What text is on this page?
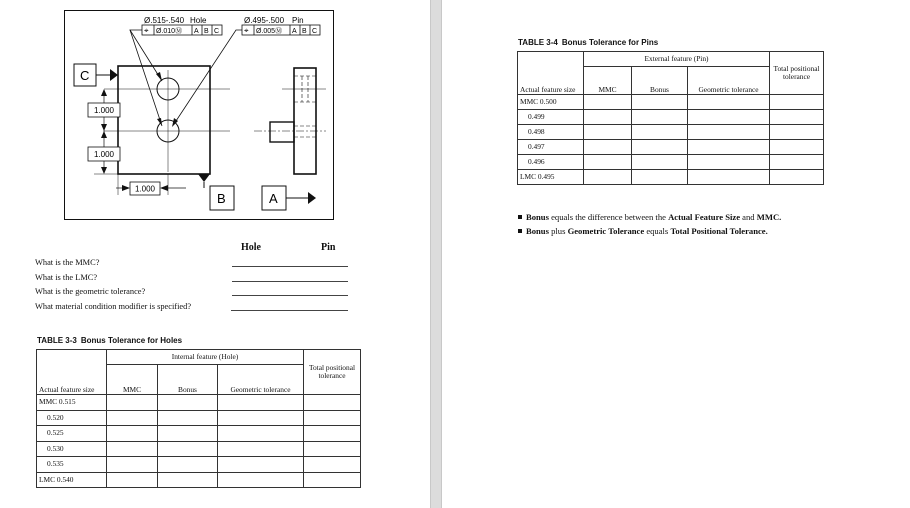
Ø.515-.540 Hole
⌖ Ø.010Ⓜ A B C
Ø.495-.500 Pin
⌖ Ø.005Ⓜ A B C
C
1.000
1.000
1.000
B	A
Hole	Pin
What is the MMC?
What is the LMC?
What is the geometric tolerance?
What material condition modifier is specified?
TABLE 3-3 Bonus Tolerance for Holes
Actual feature size	Internal feature (Hole)			Total positional tolerance
	MMC	Bonus	Geometric tolerance	
MMC 0.515				
0.520				
0.525				
0.530				
0.535				
LMC 0.540				
TABLE 3-4 Bonus Tolerance for Pins
Actual feature size	External feature (Pin)			Total positional tolerance
	MMC	Bonus	Geometric tolerance	
MMC 0.500				
0.499				
0.498				
0.497				
0.496				
LMC 0.495				
Bonus equals the difference between the Actual Feature Size and MMC.
Bonus plus Geometric Tolerance equals Total Positional Tolerance.
